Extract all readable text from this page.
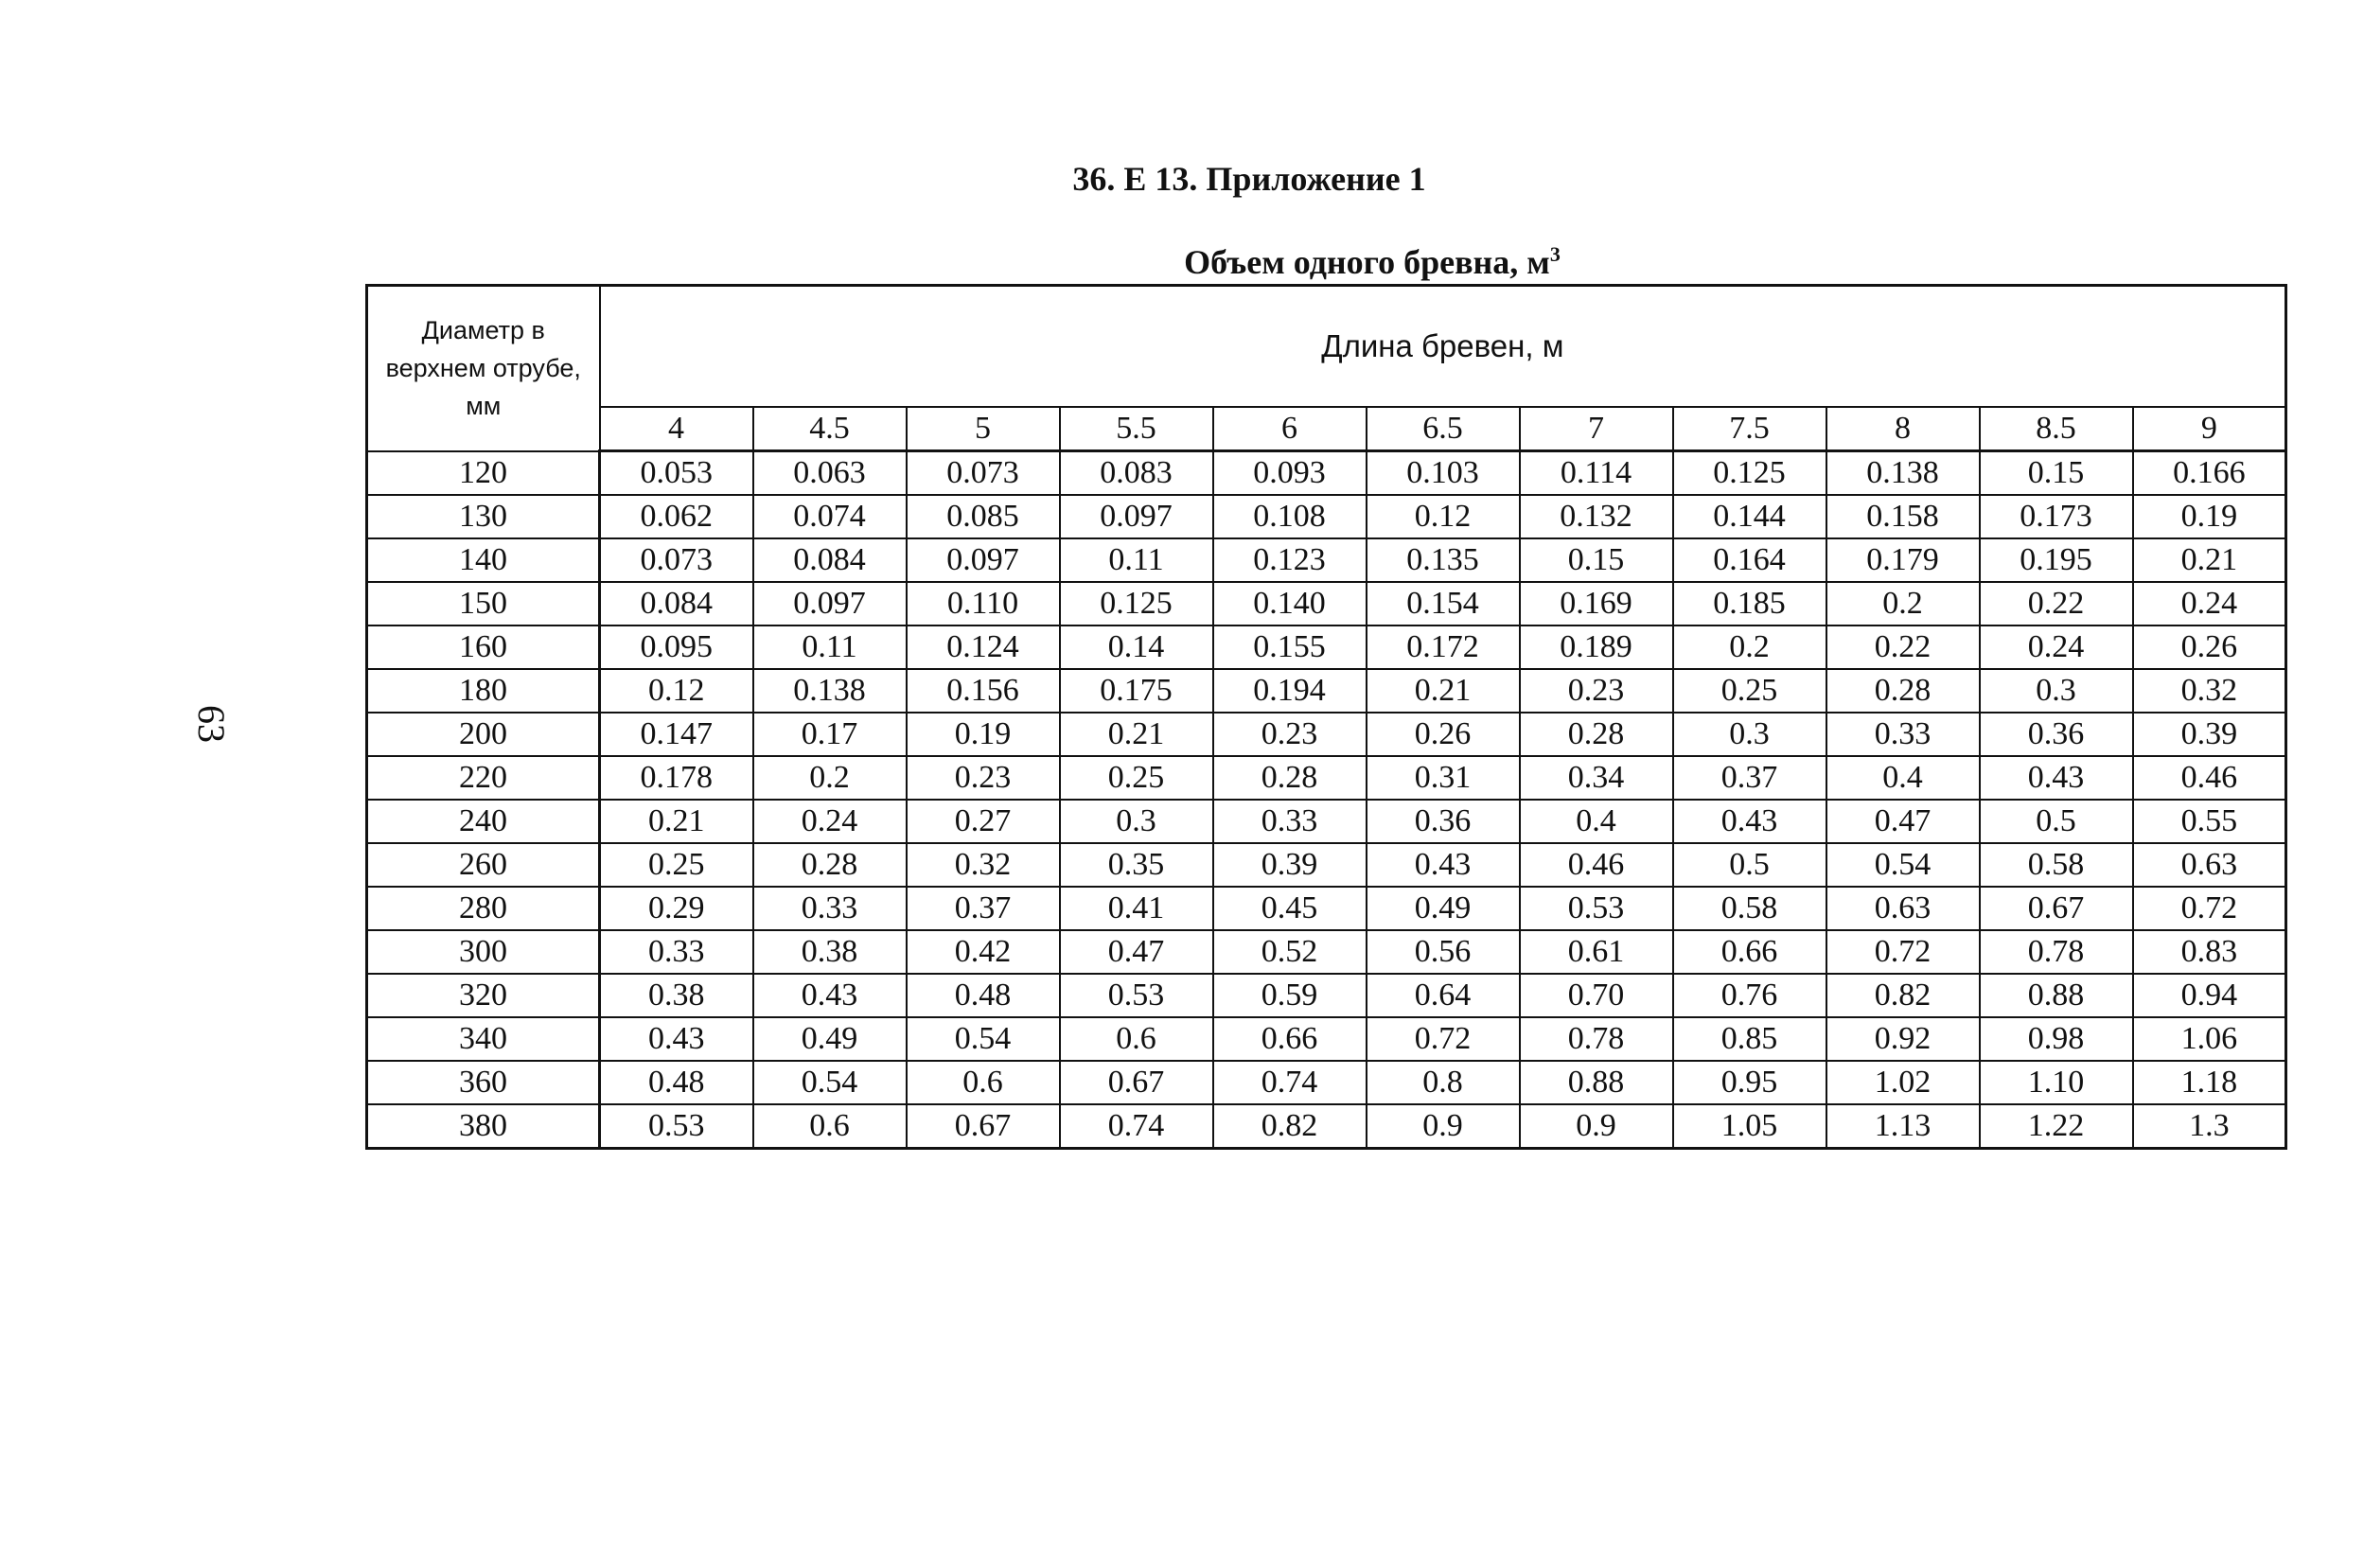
63
36. Е 13. Приложение 1
Объем одного бревна, $м^3$
Диаметр в верхнем отрубе, мм	Длина бревен, м										
	4	4.5	5	5.5	6	6.5	7	7.5	8	8.5	9
120	0.053	0.063	0.073	0.083	0.093	0.103	0.114	0.125	0.138	0.15	0.166
130	0.062	0.074	0.085	0.097	0.108	0.12	0.132	0.144	0.158	0.173	0.19
140	0.073	0.084	0.097	0.11	0.123	0.135	0.15	0.164	0.179	0.195	0.21
150	0.084	0.097	0.110	0.125	0.140	0.154	0.169	0.185	0.2	0.22	0.24
160	0.095	0.11	0.124	0.14	0.155	0.172	0.189	0.2	0.22	0.24	0.26
180	0.12	0.138	0.156	0.175	0.194	0.21	0.23	0.25	0.28	0.3	0.32
200	0.147	0.17	0.19	0.21	0.23	0.26	0.28	0.3	0.33	0.36	0.39
220	0.178	0.2	0.23	0.25	0.28	0.31	0.34	0.37	0.4	0.43	0.46
240	0.21	0.24	0.27	0.3	0.33	0.36	0.4	0.43	0.47	0.5	0.55
260	0.25	0.28	0.32	0.35	0.39	0.43	0.46	0.5	0.54	0.58	0.63
280	0.29	0.33	0.37	0.41	0.45	0.49	0.53	0.58	0.63	0.67	0.72
300	0.33	0.38	0.42	0.47	0.52	0.56	0.61	0.66	0.72	0.78	0.83
320	0.38	0.43	0.48	0.53	0.59	0.64	0.70	0.76	0.82	0.88	0.94
340	0.43	0.49	0.54	0.6	0.66	0.72	0.78	0.85	0.92	0.98	1.06
360	0.48	0.54	0.6	0.67	0.74	0.8	0.88	0.95	1.02	1.10	1.18
380	0.53	0.6	0.67	0.74	0.82	0.9	0.9	1.05	1.13	1.22	1.3
